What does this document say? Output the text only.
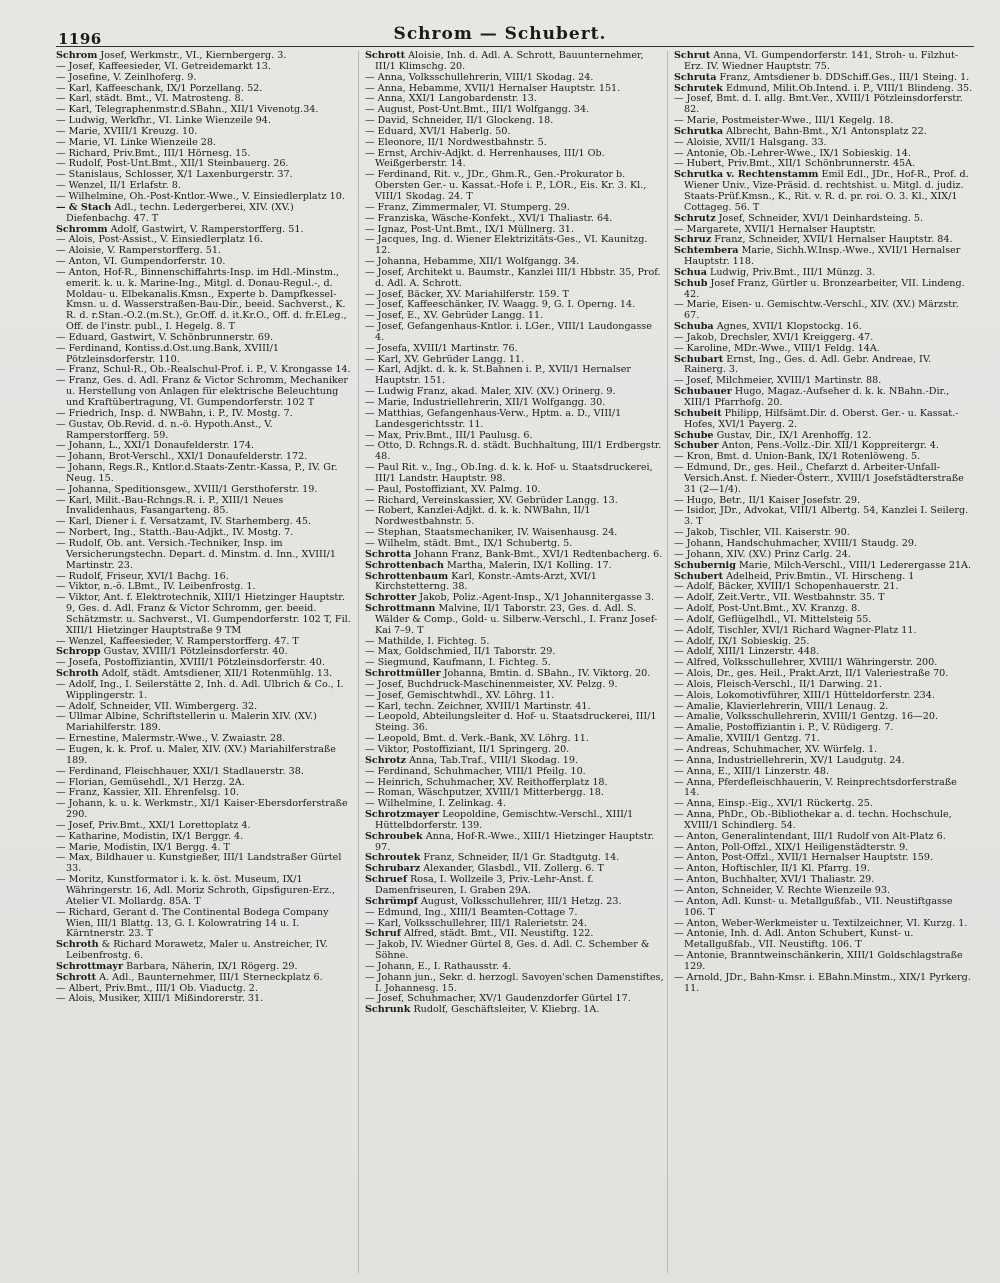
1196	Schrom — Schubert.

Schrom Josef, Werkmstr., VI., Kiernbergerg. 3.

— Josef, Kaffeesieder, VI. Getreidemarkt 13.

— Josefine, V. Zeinlhoferg. 9.

— Karl, Kaffeeschank, IX/1 Porzellang. 52.

— Karl, städt. Bmt., VI. Matrosteng. 8.

— Karl, Telegraphenmstr.d.SBahn., XII/1 Vivenotg.34.

— Ludwig, Werkfhr., VI. Linke Wienzeile 94.

— Marie, XVIII/1 Kreuzg. 10.

— Marie, VI. Linke Wienzeile 28.

— Richard, Priv.Bmt., III/1 Hörnesg. 15.

— Rudolf, Post-Unt.Bmt., XII/1 Steinbauerg. 26.

— Stanislaus, Schlosser, X/1 Laxenburgerstr. 37.

— Wenzel, II/1 Erlafstr. 8.

— Wilhelmine, Oh.-Post-Kntlor.-Wwe., V. Einsiedlerplatz 10.

— & Stach Adl., techn. Ledergerberei, XIV. (XV.) Diefenbachg. 47. T

Schromm Adolf, Gastwirt, V. Ramperstorfferg. 51.

— Alois, Post-Assist., V. Einsiedlerplatz 16.

— Aloisie, V. Ramperstorfferg. 51.

— Anton, VI. Gumpendorferstr. 10.

— Anton, Hof-R., Binnenschiffahrts-Insp. im Hdl.-Minstm., emerit. k. u. k. Marine-Ing., Mitgl. d. Donau-Regul.-, d. Moldau- u. Elbekanalis.Kmsn., Experte b. Dampfkessel-Kmsn. u. d. Wasserstraßen-Bau-Dir., beeid. Sachverst., K. R. d. r.Stan.-O.2.(m.St.), Gr.Off. d. it.Kr.O., Off. d. fr.ELeg., Off. de l'instr. publ., I. Hegelg. 8. T

— Eduard, Gastwirt, V. Schönbrunnerstr. 69.

— Ferdinand, Kontiss.d.Ost.ung.Bank, XVIII/1 Pötzleinsdorferstr. 110.

— Franz, Schul-R., Ob.-Realschul-Prof. i. P., V. Krongasse 14.

— Franz, Ges. d. Adl. Franz & Victor Schromm, Mechaniker u. Herstellung von Anlagen für elektrische Beleuchtung und Kraftübertragung, VI. Gumpendorferstr. 102 T

— Friedrich, Insp. d. NWBahn, i. P., IV. Mostg. 7.

— Gustav, Ob.Revid. d. n.-ö. Hypoth.Anst., V. Ramperstorfferg. 59.

— Johann, L., XXI/1 Donaufelderstr. 174.

— Johann, Brot-Verschl., XXI/1 Donaufelderstr. 172.

— Johann, Regs.R., Kntlor.d.Staats-Zentr.-Kassa, P., IV. Gr. Neug. 15.

— Johanna, Speditionsgew., XVIII/1 Gersthoferstr. 19.

— Karl, Milit.-Bau-Rchngs.R. i. P., XIII/1 Neues Invalidenhaus, Fasangarteng. 85.

— Karl, Diener i. f. Versatzamt, IV. Starhemberg. 45.

— Norbert, Ing., Statth.-Bau-Adjkt., IV. Mostg. 7.

— Rudolf, Ob. ant. Versich.-Techniker, Insp. im Versicherungstechn. Depart. d. Minstm. d. Inn., XVIII/1 Martinstr. 23.

— Rudolf, Friseur, XVI/1 Bachg. 16.

— Viktor, n.-ö. LBmt., IV. Leibenfrostg. 1.

— Viktor, Ant. f. Elektrotechnik, XIII/1 Hietzinger Hauptstr. 9, Ges. d. Adl. Franz & Victor Schromm, ger. beeid. Schätzmstr. u. Sachverst., VI. Gumpendorferstr. 102 T, Fil. XIII/1 Hietzinger Hauptstraße 9 TM

— Wenzel, Kaffeesieder, V. Ramperstorfferg. 47. T

Schropp Gustav, XVIII/1 Pötzleinsdorferstr. 40.

— Josefa, Postoffiziantin, XVIII/1 Pötzleinsdorferstr. 40.

Schroth Adolf, städt. Amtsdiener, XII/1 Rotenmühlg. 13.

— Adolf, Ing., I. Seilerstätte 2, Inh. d. Adl. Ulbrich & Co., I. Wipplingerstr. 1.

— Adolf, Schneider, VII. Wimbergerg. 32.

— Ullmar Albine, Schriftstellerin u. Malerin XIV. (XV.) Mariahilferstr. 189.

— Ernestine, Malermstr.-Wwe., V. Zwaiastr. 28.

— Eugen, k. k. Prof. u. Maler, XIV. (XV.) Mariahilferstraße 189.

— Ferdinand, Fleischhauer, XXI/1 Stadlauerstr. 38.

— Florian, Gemüsehdl., X/1 Herzg. 2A.

— Franz, Kassier, XII. Ehrenfelsg. 10.

— Johann, k. u. k. Werkmstr., XI/1 Kaiser-Ebersdorferstraße 290.

— Josef, Priv.Bmt., XXI/1 Lorettoplatz 4.

— Katharine, Modistin, IX/1 Berggr. 4.

— Marie, Modistin, IX/1 Bergg. 4. T

— Max, Bildhauer u. Kunstgießer, III/1 Landstraßer Gürtel 33.

— Moritz, Kunstformator i. k. k. öst. Museum, IX/1 Währingerstr. 16, Adl. Moriz Schroth, Gipsfiguren-Erz., Atelier VI. Mollardg. 85A. T

— Richard, Gerant d. The Continental Bodega Company Wien, III/1 Blattg. 13, G. I. Kolowratring 14 u. I. Kärntnerstr. 23. T

Schroth & Richard Morawetz, Maler u. Anstreicher, IV. Leibenfrostg. 6.

Schrottmayr Barbara, Näherin, IX/1 Rögerg. 29.

Schrott A. Adl., Baunternehmer, III/1 Sterneckplatz 6.

— Albert, Priv.Bmt., III/1 Ob. Viaductg. 2.

— Alois, Musiker, XIII/1 Mißindorerstr. 31.

Schrott Aloisie, Inh. d. Adl. A. Schrott, Bauunternehmer, III/1 Klimschg. 20.

— Anna, Volksschullehrerin, VIII/1 Skodag. 24.

— Anna, Hebamme, XVII/1 Hernalser Hauptstr. 151.

— Anna, XXI/1 Langobardenstr. 13.

— August, Post-Unt.Bmt., III/1 Wolfgangg. 34.

— David, Schneider, II/1 Glockeng. 18.

— Eduard, XVI/1 Haberlg. 50.

— Eleonore, II/1 Nordwestbahnstr. 5.

— Ernst, Archiv-Adjkt. d. Herrenhauses, III/1 Ob. Weißgerberstr. 14.

— Ferdinand, Rit. v., JDr., Ghm.R., Gen.-Prokurator b. Obersten Ger.- u. Kassat.-Hofe i. P., LOR., Eis. Kr. 3. Kl., VIII/1 Skodag. 24. T

— Franz, Zimmermaler, VI. Stumperg. 29.

— Franziska, Wäsche-Konfekt., XVI/1 Thaliastr. 64.

— Ignaz, Post-Unt.Bmt., IX/1 Müllnerg. 31.

— Jacques, Ing. d. Wiener Elektrizitäts-Ges., VI. Kaunitzg. 12.

— Johanna, Hebamme, XII/1 Wolfgangg. 34.

— Josef, Architekt u. Baumstr., Kanzlei III/1 Hbbstr. 35, Prof. d. Adl. A. Schrott.

— Josef, Bäcker, XV. Mariahilferstr. 159. T

— Josef, Kaffeeschänker, IV. Waagg. 9, G. I. Operng. 14.

— Josef, E., XV. Gebrüder Langg. 11.

— Josef, Gefangenhaus-Kntlor. i. LGer., VIII/1 Laudongasse 4.

— Josefa, XVIII/1 Martinstr. 76.

— Karl, XV. Gebrüder Langg. 11.

— Karl, Adjkt. d. k. k. St.Bahnen i. P., XVII/1 Hernalser Hauptstr. 151.

— Ludwig Franz, akad. Maler, XIV. (XV.) Orinerg. 9.

— Marie, Industriellehrerin, XII/1 Wolfgangg. 30.

— Matthias, Gefangenhaus-Verw., Hptm. a. D., VIII/1 Landesgerichtsstr. 11.

— Max, Priv.Bmt., III/1 Paulusg. 6.

— Otto, D. Rchngs.R. d. städt. Buchhaltung, III/1 Erdbergstr. 48.

— Paul Rit. v., Ing., Ob.Ing. d. k. k. Hof- u. Staatsdruckerei, III/1 Landstr. Hauptstr. 98.

— Paul, Postoffiziant, XV. Palmg. 10.

— Richard, Vereinskassier, XV. Gebrüder Langg. 13.

— Robert, Kanzlei-Adjkt. d. k. k. NWBahn, II/1 Nordwestbahnstr. 5.

— Stephan, Staatsmechaniker, IV. Waisenhausg. 24.

— Wilhelm, städt. Bmt., IX/1 Schubertg. 5.

Schrotta Johann Franz, Bank-Bmt., XVI/1 Redtenbacherg. 6.

Schrottenbach Martha, Malerin, IX/1 Kolling. 17.

Schrottenbaum Karl, Konstr.-Amts-Arzt, XVI/1 Kirchstetterng. 38.

Schrotter Jakob, Poliz.-Agent-Insp., X/1 Johannitergasse 3.

Schrottmann Malvine, II/1 Taborstr. 23, Ges. d. Adl. S. Wälder & Comp., Gold- u. Silberw.-Verschl., I. Franz Josef-Kai 7–9. T

— Mathilde, I. Fichteg. 5.

— Max, Goldschmied, II/1 Taborstr. 29.

— Siegmund, Kaufmann, I. Fichteg. 5.

Schrottmüller Johanna, Bmtin. d. SBahn., IV. Viktorg. 20.

— Josef, Buchdruck-Maschinenmeister, XV. Pelzg. 9.

— Josef, Gemischtwhdl., XV. Löhrg. 11.

— Karl, techn. Zeichner, XVIII/1 Martinstr. 41.

— Leopold, Abteilungsleiter d. Hof- u. Staatsdruckerei, III/1 Steing. 36.

— Leopold, Bmt. d. Verk.-Bank, XV. Löhrg. 11.

— Viktor, Postoffiziant, II/1 Springerg. 20.

Schrotz Anna, Tab.Traf., VIII/1 Skodag. 19.

— Ferdinand, Schuhmacher, VIII/1 Pfeilg. 10.

— Heinrich, Schuhmacher, XV. Reithofferplatz 18.

— Roman, Wäschputzer, XVIII/1 Mitterbergg. 18.

— Wilhelmine, I. Zelinkag. 4.

Schrotzmayer Leopoldine, Gemischtw.-Verschl., XIII/1 Hüttelbdorferstr. 139.

Schroubek Anna, Hof-R.-Wwe., XIII/1 Hietzinger Hauptstr. 97.

Schroutek Franz, Schneider, II/1 Gr. Stadtgutg. 14.

Schrubarz Alexander, Glasbdl., VII. Zollerg. 6. T

Schruef Rosa, I. Wollzeile 3, Priv.-Lehr-Anst. f. Damenfriseuren, I. Graben 29A.

Schrümpf August, Volksschullehrer, III/1 Hetzg. 23.

— Edmund, Ing., XIII/1 Beamten-Cottage 7.

— Karl, Volksschullehrer, III/1 Ralerietstr. 24.

Schruf Alfred, städt. Bmt., VII. Neustiftg. 122.

— Jakob, IV. Wiedner Gürtel 8, Ges. d. Adl. C. Schember & Söhne.

— Johann, E., I. Rathausstr. 4.

— Johann jun., Sekr. d. herzogl. Savoyen'schen Damenstiftes, I. Johannesg. 15.

— Josef, Schuhmacher, XV/1 Gaudenzdorfer Gürtel 17.

Schrunk Rudolf, Geschäftsleiter, V. Kliebrg. 1A.

Schrut Anna, VI. Gumpendorferstr. 141, Stroh- u. Filzhut-Erz. IV. Wiedner Hauptstr. 75.

Schruta Franz, Amtsdiener b. DDSchiff.Ges., III/1 Steing. 1.

Schrutek Edmund, Milit.Ob.Intend. i. P., VIII/1 Blindeng. 35.

— Josef, Bmt. d. I. allg. Bmt.Ver., XVIII/1 Pötzleinsdorferstr. 82.

— Marie, Postmeister-Wwe., III/1 Kegelg. 18.

Schrutka Albrecht, Bahn-Bmt., X/1 Antonsplatz 22.

— Aloisie, XVII/1 Halsgang. 33.

— Antonie, Ob.-Lehrer-Wwe., IX/1 Sobieskig. 14.

— Hubert, Priv.Bmt., XII/1 Schönbrunnerstr. 45A.

Schrutka v. Rechtenstamm Emil Edl., JDr., Hof-R., Prof. d. Wiener Univ., Vize-Präsid. d. rechtshist. u. Mitgl. d. judiz. Staats-Prüf.Kmsn., K., Rit. v. R. d. pr. roi. O. 3. Kl., XIX/1 Cottageg. 56. T

Schrutz Josef, Schneider, XVI/1 Deinhardsteing. 5.

— Margarete, XVII/1 Hernalser Hauptstr.

Schruz Franz, Schneider, XVII/1 Hernalser Hauptstr. 84.

Schtembera Marie, Sichh.W.Insp.-Wwe., XVII/1 Hernalser Hauptstr. 118.

Schua Ludwig, Priv.Bmt., III/1 Münzg. 3.

Schub Josef Franz, Gürtler u. Bronzearbeiter, VII. Lindeng. 42.

— Marie, Eisen- u. Gemischtw.-Verschl., XIV. (XV.) Märzstr. 67.

Schuba Agnes, XVII/1 Klopstockg. 16.

— Jakob, Drechsler, XVI/1 Kreiggerg. 47.

— Karoline, MDr.-Wwe., VIII/1 Feldg. 14A.

Schubart Ernst, Ing., Ges. d. Adl. Gebr. Andreae, IV. Rainerg. 3.

— Josef, Milchmeier, XVIII/1 Martinstr. 88.

Schubauer Hugo, Magaz.-Aufseher d. k. k. NBahn.-Dir., XIII/1 Pfarrhofg. 20.

Schubeit Philipp, Hilfsämt.Dir. d. Oberst. Ger.- u. Kassat.-Hofes, XVI/1 Payerg. 2.

Schube Gustav, Dir., IX/1 Arenhoffg. 12.

Schuber Anton, Pens.-Vollz.-Dir. XII/1 Koppreitergr. 4.

— Kron, Bmt. d. Union-Bank, IX/1 Rotenlöweng. 5.

— Edmund, Dr., ges. Heil., Chefarzt d. Arbeiter-Unfall-Versich.Anst. f. Nieder-Österr., XVIII/1 Josefstädterstraße 31 (2—1/4).

— Hugo, Betr., II/1 Kaiser Josefstr. 29.

— Isidor, JDr., Advokat, VIII/1 Albertg. 54, Kanzlei I. Seilerg. 3. T

— Jakob, Tischler, VII. Kaiserstr. 90.

— Johann, Handschuhmacher, XVIII/1 Staudg. 29.

— Johann, XIV. (XV.) Prinz Carlg. 24.

Schubernig Marie, Milch-Verschl., VIII/1 Lederergasse 21A.

Schubert Adelheid, Priv.Bmtin., VI. Hirscheng. 1

— Adolf, Bäcker, XVIII/1 Schopenhauerstr. 21.

— Adolf, Zeit.Vertr., VII. Westbahnstr. 35. T

— Adolf, Post-Unt.Bmt., XV. Kranzg. 8.

— Adolf, Geflügelhdl., VI. Mittelsteig 55.

— Adolf, Tischler, XVI/1 Richard Wagner-Platz 11.

— Adolf, IX/1 Sobieskig. 25.

— Adolf, XIII/1 Linzerstr. 448.

— Alfred, Volksschullehrer, XVIII/1 Währingerstr. 200.

— Alois, Dr., ges. Heil., Prakt.Arzt, II/1 Valeriestraße 70.

— Alois, Fleisch-Verschl., II/1 Darwing. 21.

— Alois, Lokomotivführer, XIII/1 Hütteldorferstr. 234.

— Amalie, Klavierlehrerin, VIII/1 Lenaug. 2.

— Amalie, Volksschullehrerin, XVIII/1 Gentzg. 16—20.

— Amalie, Postoffiziantin i. P., V. Rüdigerg. 7.

— Amalie, XVIII/1 Gentzg. 71.

— Andreas, Schuhmacher, XV. Würfelg. 1.

— Anna, Industriellehrerin, XV/1 Laudgutg. 24.

— Anna, E., XIII/1 Linzerstr. 48.

— Anna, Pferdefleischhauerin, V. Reinprechtsdorferstraße 14.

— Anna, Einsp.-Eig., XVI/1 Rückertg. 25.

— Anna, PhDr., Ob.-Bibliothekar a. d. techn. Hochschule, XVIII/1 Schindlerg. 54.

— Anton, Generalintendant, III/1 Rudolf von Alt-Platz 6.

— Anton, Poll-Offzl., XIX/1 Heiligenstädterstr. 9.

— Anton, Post-Offzl., XVII/1 Hernalser Hauptstr. 159.

— Anton, Hoftischler, II/1 Kl. Pfarrg. 19.

— Anton, Buchhalter, XVI/1 Thaliastr. 29.

— Anton, Schneider, V. Rechte Wienzeile 93.

— Anton, Adl. Kunst- u. Metallgußfab., VII. Neustiftgasse 106. T

— Anton, Weber-Werkmeister u. Textilzeichner, VI. Kurzg. 1.

— Antonie, Inh. d. Adl. Anton Schubert, Kunst- u. Metallgußfab., VII. Neustiftg. 106. T

— Antonie, Branntweinschänkerin, XIII/1 Goldschlagstraße 129.

— Arnold, JDr., Bahn-Kmsr. i. EBahn.Minstm., XIX/1 Pyrkerg. 11.
